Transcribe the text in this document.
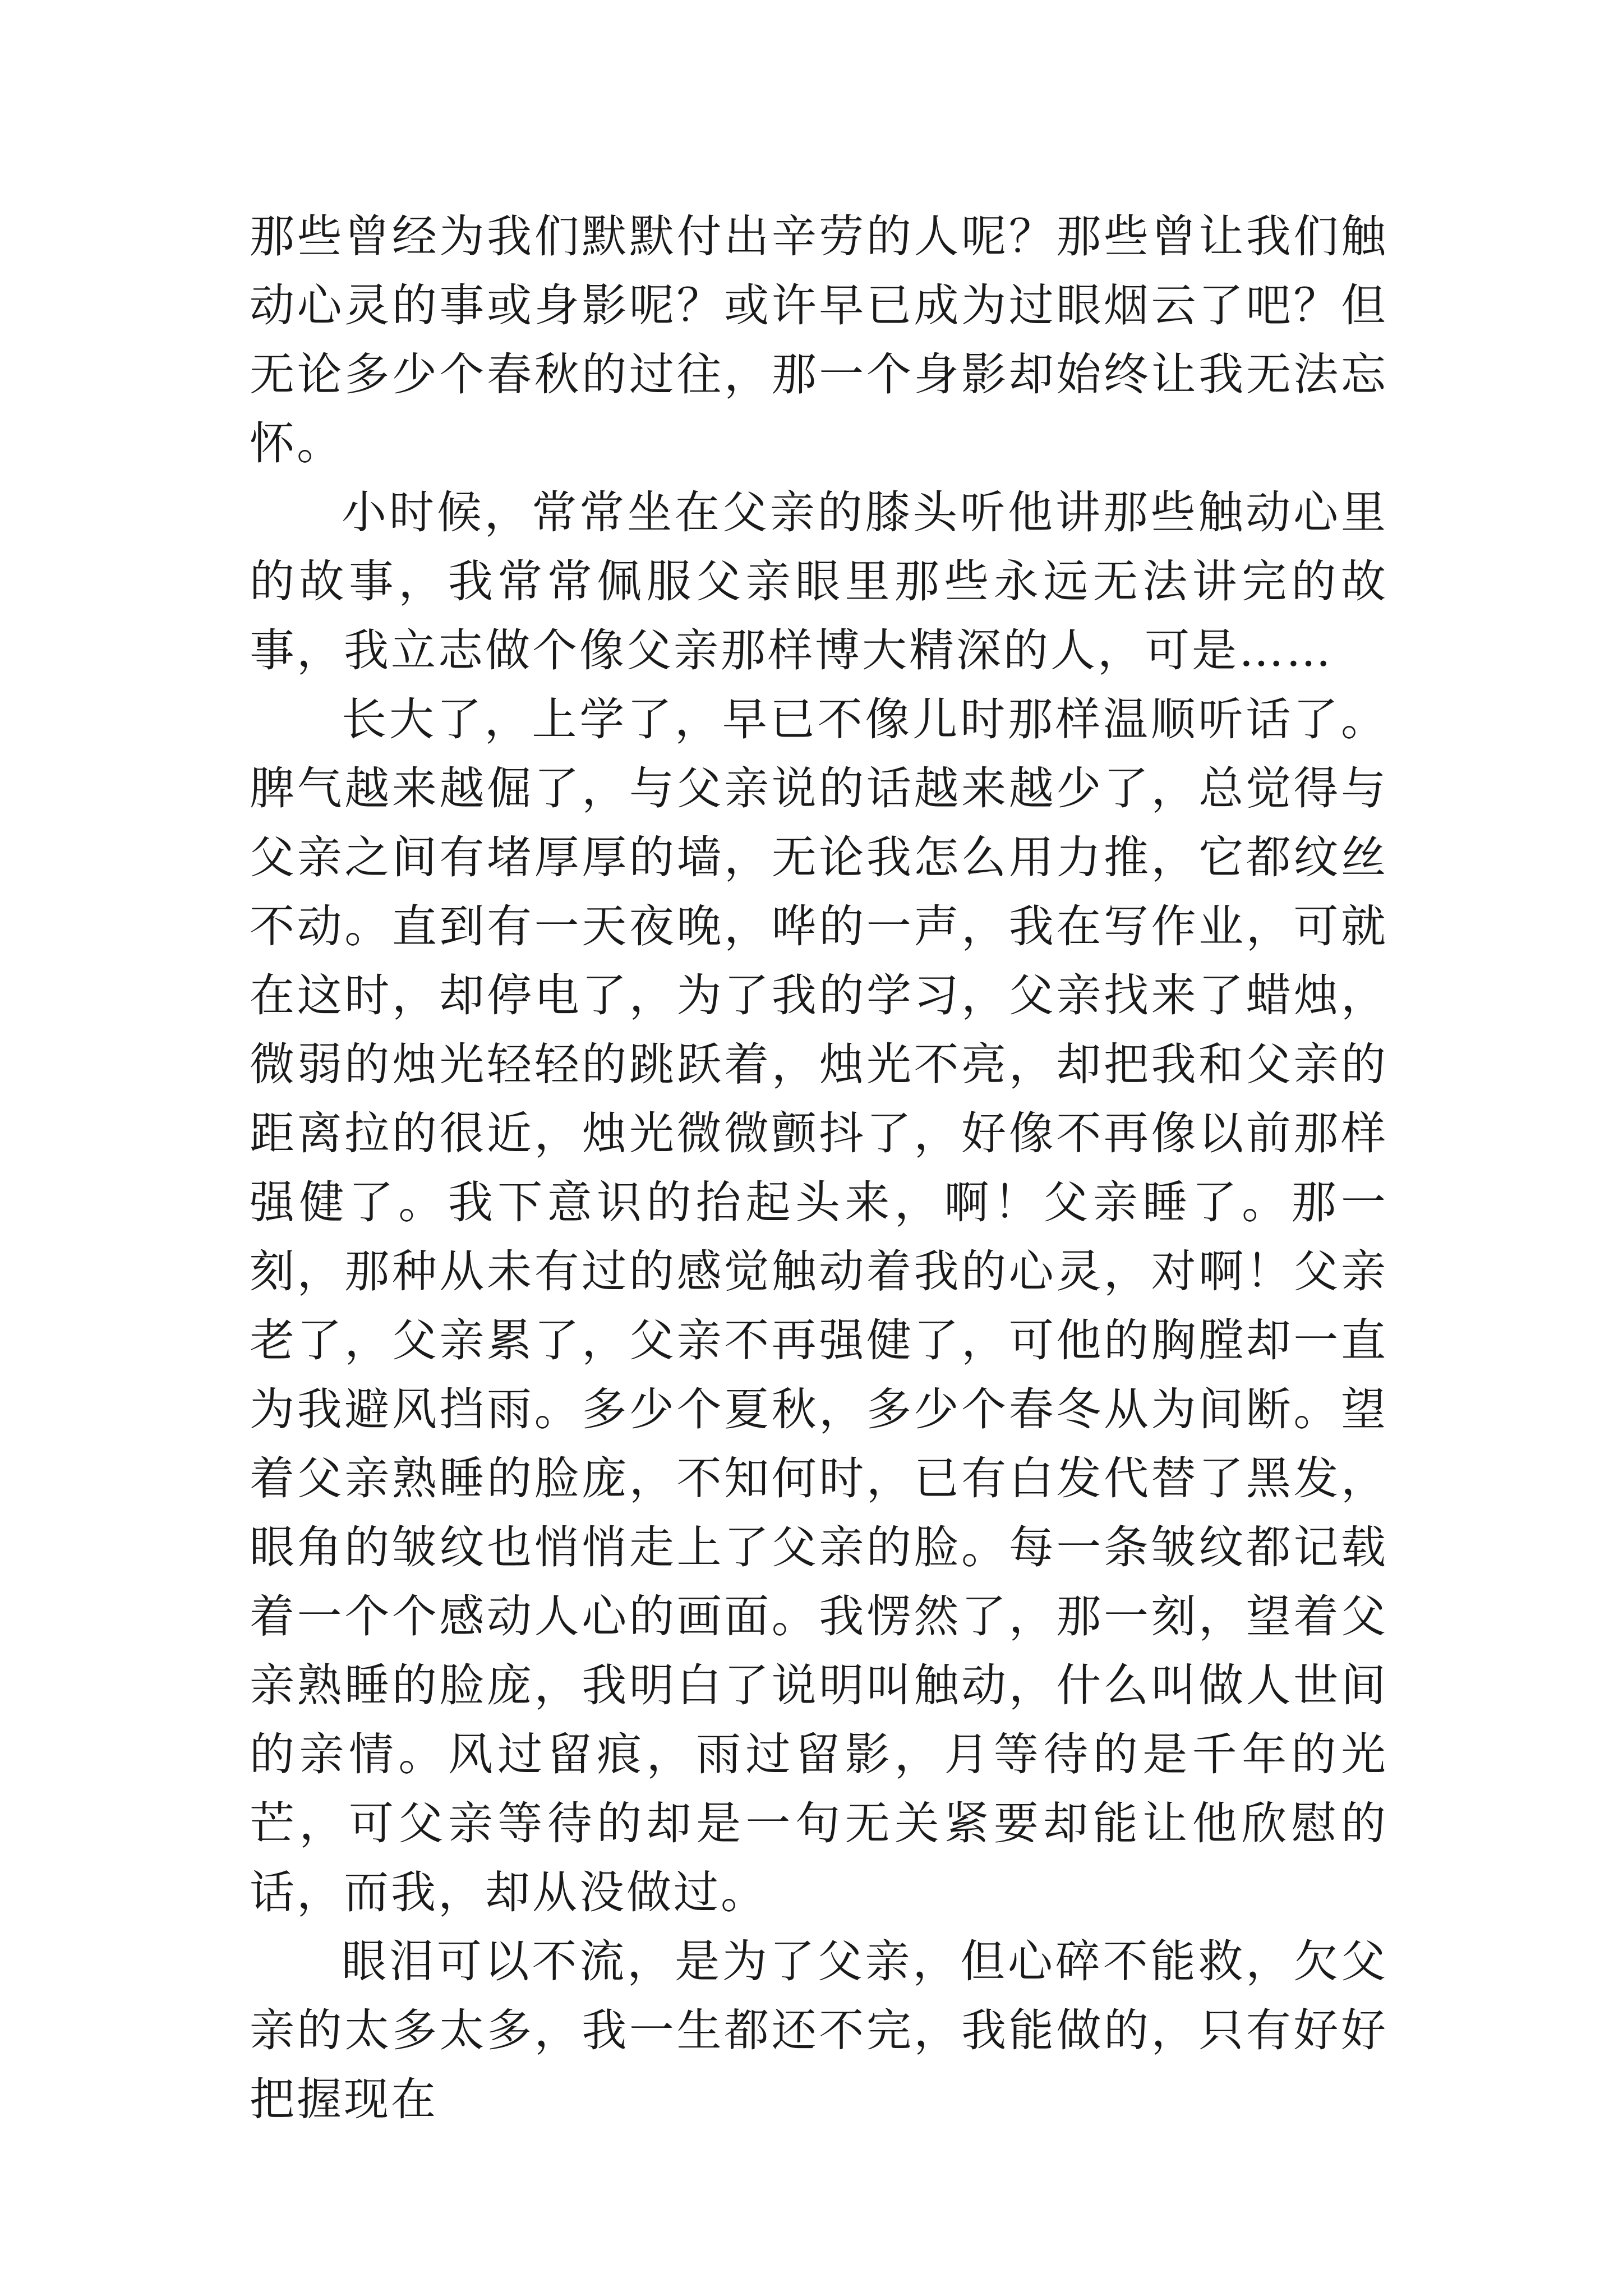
那些曾经为我们默默付出辛劳的人呢？那些曾让我们触动心灵的事或身影呢？或许早已成为过眼烟云了吧？但无论多少个春秋的过往，那一个身影却始终让我无法忘怀。

小时候，常常坐在父亲的膝头听他讲那些触动心里的故事，我常常佩服父亲眼里那些永远无法讲完的故事，我立志做个像父亲那样博大精深的人，可是……

长大了，上学了，早已不像儿时那样温顺听话了。脾气越来越倔了，与父亲说的话越来越少了，总觉得与父亲之间有堵厚厚的墙，无论我怎么用力推，它都纹丝不动。直到有一天夜晚，哗的一声，我在写作业，可就在这时，却停电了，为了我的学习，父亲找来了蜡烛，微弱的烛光轻轻的跳跃着，烛光不亮，却把我和父亲的距离拉的很近，烛光微微颤抖了，好像不再像以前那样强健了。我下意识的抬起头来，啊！父亲睡了。那一刻，那种从未有过的感觉触动着我的心灵，对啊！父亲老了，父亲累了，父亲不再强健了，可他的胸膛却一直为我避风挡雨。多少个夏秋，多少个春冬从为间断。望着父亲熟睡的脸庞，不知何时，已有白发代替了黑发，眼角的皱纹也悄悄走上了父亲的脸。每一条皱纹都记载着一个个感动人心的画面。我愣然了，那一刻，望着父亲熟睡的脸庞，我明白了说明叫触动，什么叫做人世间的亲情。风过留痕，雨过留影，月等待的是千年的光芒，可父亲等待的却是一句无关紧要却能让他欣慰的话，而我，却从没做过。

眼泪可以不流，是为了父亲，但心碎不能救，欠父亲的太多太多，我一生都还不完，我能做的，只有好好把握现在
